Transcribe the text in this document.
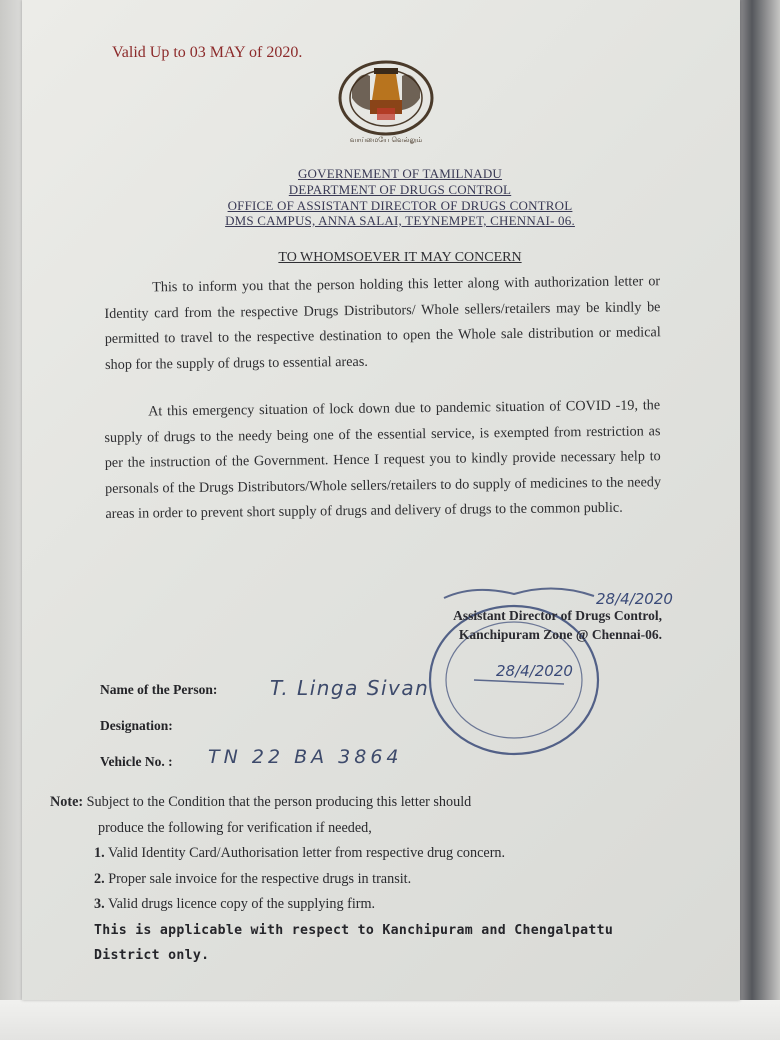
Valid Up to 03 MAY of 2020.
வாய்மையே வெல்லும்
GOVERNEMENT OF TAMILNADU
DEPARTMENT OF DRUGS CONTROL
OFFICE OF ASSISTANT DIRECTOR OF DRUGS CONTROL
DMS CAMPUS, ANNA SALAI, TEYNEMPET, CHENNAI- 06.
TO WHOMSOEVER IT MAY CONCERN
This to inform you that the person holding this letter along with authorization letter or Identity card from the respective Drugs Distributors/ Whole sellers/retailers may be kindly be permitted to travel to the respective destination to open the Whole sale distribution or medical shop for the supply of drugs to essential areas.
At this emergency situation of lock down due to pandemic situation of COVID -19, the supply of drugs to the needy being one of the essential service, is exempted from restriction as per the instruction of the Government. Hence I request you to kindly provide necessary help to personals of the Drugs Distributors/Whole sellers/retailers to do supply of medicines to the needy areas in order to prevent short supply of drugs and delivery of drugs to the common public.
28/4/2020
28/4/2020
Assistant Director of Drugs Control,
Kanchipuram Zone @ Chennai-06.
Name of the Person:	T. Linga Sivan
Designation:
Vehicle No. : TN 22 BA 3864
Note: Subject to the Condition that the person producing this letter should
produce the following for verification if needed,
1. Valid Identity Card/Authorisation letter from respective drug concern.
2. Proper sale invoice for the respective drugs in transit.
3. Valid drugs licence copy of the supplying firm.
This is applicable with respect to Kanchipuram and Chengalpattu
District only.
